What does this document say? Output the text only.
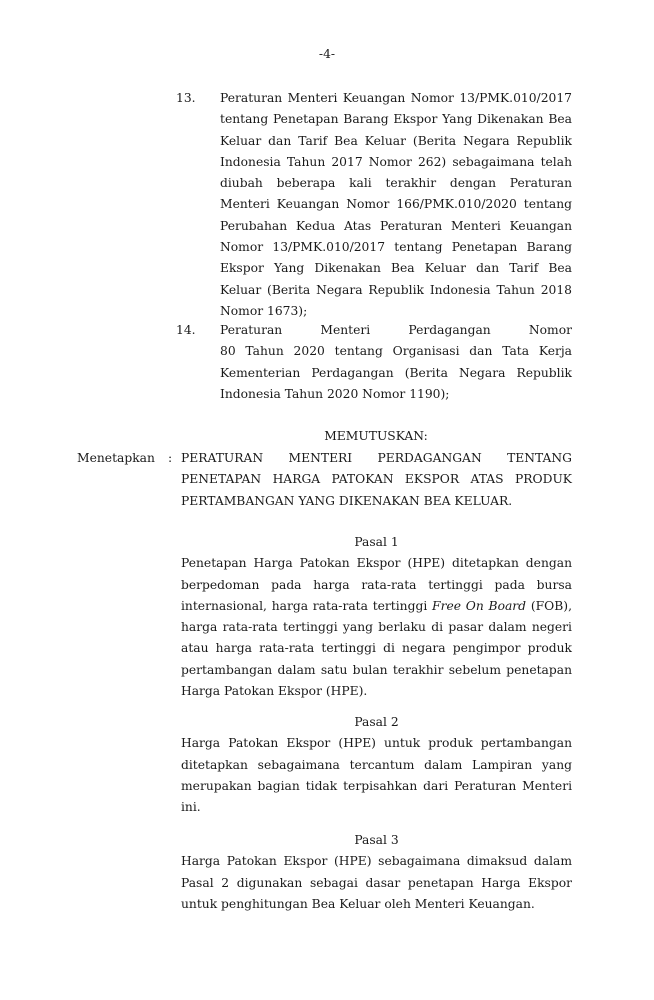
-4-
13. Peraturan Menteri Keuangan Nomor 13/PMK.010/2017
tentang Penetapan Barang Ekspor Yang Dikenakan Bea
Keluar dan Tarif Bea Keluar (Berita Negara Republik
Indonesia Tahun 2017 Nomor 262) sebagaimana telah
diubah beberapa kali terakhir dengan Peraturan
Menteri Keuangan Nomor 166/PMK.010/2020 tentang
Perubahan Kedua Atas Peraturan Menteri Keuangan
Nomor 13/PMK.010/2017 tentang Penetapan Barang
Ekspor Yang Dikenakan Bea Keluar dan Tarif Bea
Keluar (Berita Negara Republik Indonesia Tahun 2018
Nomor 1673);
14. Peraturan Menteri Perdagangan Nomor
80 Tahun 2020 tentang Organisasi dan Tata Kerja
Kementerian Perdagangan (Berita Negara Republik
Indonesia Tahun 2020 Nomor 1190);
MEMUTUSKAN:
Menetapkan : PERATURAN MENTERI PERDAGANGAN TENTANG
PENETAPAN HARGA PATOKAN EKSPOR ATAS PRODUK
PERTAMBANGAN YANG DIKENAKAN BEA KELUAR.
Pasal 1
Penetapan Harga Patokan Ekspor (HPE) ditetapkan dengan
berpedoman pada harga rata-rata tertinggi pada bursa
internasional, harga rata-rata tertinggi Free On Board (FOB),
harga rata-rata tertinggi yang berlaku di pasar dalam negeri
atau harga rata-rata tertinggi di negara pengimpor produk
pertambangan dalam satu bulan terakhir sebelum penetapan
Harga Patokan Ekspor (HPE).
Pasal 2
Harga Patokan Ekspor (HPE) untuk produk pertambangan
ditetapkan sebagaimana tercantum dalam Lampiran yang
merupakan bagian tidak terpisahkan dari Peraturan Menteri
ini.
Pasal 3
Harga Patokan Ekspor (HPE) sebagaimana dimaksud dalam
Pasal 2 digunakan sebagai dasar penetapan Harga Ekspor
untuk penghitungan Bea Keluar oleh Menteri Keuangan.
